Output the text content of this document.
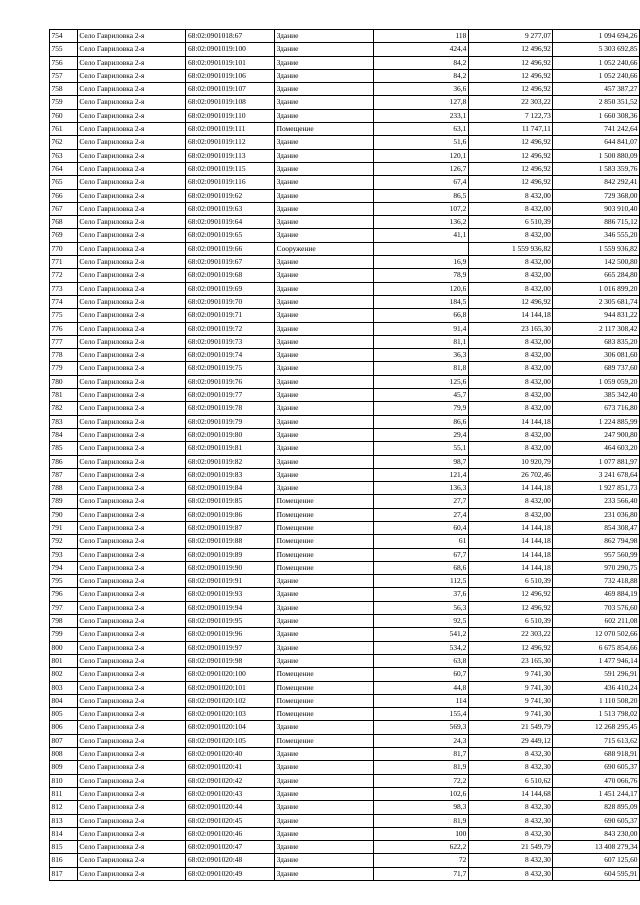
754	Село Гавриловка 2-я	68:02:0901018:67	Здание	118	9 277,07	1 094 694,26
755	Село Гавриловка 2-я	68:02:0901019:100	Здание	424,4	12 496,92	5 303 692,85
756	Село Гавриловка 2-я	68:02:0901019:101	Здание	84,2	12 496,92	1 052 240,66
757	Село Гавриловка 2-я	68:02:0901019:106	Здание	84,2	12 496,92	1 052 240,66
758	Село Гавриловка 2-я	68:02:0901019:107	Здание	36,6	12 496,92	457 387,27
759	Село Гавриловка 2-я	68:02:0901019:108	Здание	127,8	22 303,22	2 850 351,52
760	Село Гавриловка 2-я	68:02:0901019:110	Здание	233,1	7 122,73	1 660 308,36
761	Село Гавриловка 2-я	68:02:0901019:111	Помещение	63,1	11 747,11	741 242,64
762	Село Гавриловка 2-я	68:02:0901019:112	Здание	51,6	12 496,92	644 841,07
763	Село Гавриловка 2-я	68:02:0901019:113	Здание	120,1	12 496,92	1 500 880,09
764	Село Гавриловка 2-я	68:02:0901019:115	Здание	126,7	12 496,92	1 583 359,76
765	Село Гавриловка 2-я	68:02:0901019:116	Здание	67,4	12 496,92	842 292,41
766	Село Гавриловка 2-я	68:02:0901019:62	Здание	86,5	8 432,00	729 368,00
767	Село Гавриловка 2-я	68:02:0901019:63	Здание	107,2	8 432,00	903 910,40
768	Село Гавриловка 2-я	68:02:0901019:64	Здание	136,2	6 510,39	886 715,12
769	Село Гавриловка 2-я	68:02:0901019:65	Здание	41,1	8 432,00	346 555,20
770	Село Гавриловка 2-я	68:02:0901019:66	Сооружение		1 559 936,82	1 559 936,82
771	Село Гавриловка 2-я	68:02:0901019:67	Здание	16,9	8 432,00	142 500,80
772	Село Гавриловка 2-я	68:02:0901019:68	Здание	78,9	8 432,00	665 284,80
773	Село Гавриловка 2-я	68:02:0901019:69	Здание	120,6	8 432,00	1 016 899,20
774	Село Гавриловка 2-я	68:02:0901019:70	Здание	184,5	12 496,92	2 305 681,74
775	Село Гавриловка 2-я	68:02:0901019:71	Здание	66,8	14 144,18	944 831,22
776	Село Гавриловка 2-я	68:02:0901019:72	Здание	91,4	23 165,30	2 117 308,42
777	Село Гавриловка 2-я	68:02:0901019:73	Здание	81,1	8 432,00	683 835,20
778	Село Гавриловка 2-я	68:02:0901019:74	Здание	36,3	8 432,00	306 081,60
779	Село Гавриловка 2-я	68:02:0901019:75	Здание	81,8	8 432,00	689 737,60
780	Село Гавриловка 2-я	68:02:0901019:76	Здание	125,6	8 432,00	1 059 059,20
781	Село Гавриловка 2-я	68:02:0901019:77	Здание	45,7	8 432,00	385 342,40
782	Село Гавриловка 2-я	68:02:0901019:78	Здание	79,9	8 432,00	673 716,80
783	Село Гавриловка 2-я	68:02:0901019:79	Здание	86,6	14 144,18	1 224 885,99
784	Село Гавриловка 2-я	68:02:0901019:80	Здание	29,4	8 432,00	247 900,80
785	Село Гавриловка 2-я	68:02:0901019:81	Здание	55,1	8 432,00	464 603,20
786	Село Гавриловка 2-я	68:02:0901019:82	Здание	98,7	10 920,79	1 077 881,97
787	Село Гавриловка 2-я	68:02:0901019:83	Здание	121,4	26 702,46	3 241 678,64
788	Село Гавриловка 2-я	68:02:0901019:84	Здание	136,3	14 144,18	1 927 851,73
789	Село Гавриловка 2-я	68:02:0901019:85	Помещение	27,7	8 432,00	233 566,40
790	Село Гавриловка 2-я	68:02:0901019:86	Помещение	27,4	8 432,00	231 036,80
791	Село Гавриловка 2-я	68:02:0901019:87	Помещение	60,4	14 144,18	854 308,47
792	Село Гавриловка 2-я	68:02:0901019:88	Помещение	61	14 144,18	862 794,98
793	Село Гавриловка 2-я	68:02:0901019:89	Помещение	67,7	14 144,18	957 560,99
794	Село Гавриловка 2-я	68:02:0901019:90	Помещение	68,6	14 144,18	970 290,75
795	Село Гавриловка 2-я	68:02:0901019:91	Здание	112,5	6 510,39	732 418,88
796	Село Гавриловка 2-я	68:02:0901019:93	Здание	37,6	12 496,92	469 884,19
797	Село Гавриловка 2-я	68:02:0901019:94	Здание	56,3	12 496,92	703 576,60
798	Село Гавриловка 2-я	68:02:0901019:95	Здание	92,5	6 510,39	602 211,08
799	Село Гавриловка 2-я	68:02:0901019:96	Здание	541,2	22 303,22	12 070 502,66
800	Село Гавриловка 2-я	68:02:0901019:97	Здание	534,2	12 496,92	6 675 854,66
801	Село Гавриловка 2-я	68:02:0901019:98	Здание	63,8	23 165,30	1 477 946,14
802	Село Гавриловка 2-я	68:02:0901020:100	Помещение	60,7	9 741,30	591 296,91
803	Село Гавриловка 2-я	68:02:0901020:101	Помещение	44,8	9 741,30	436 410,24
804	Село Гавриловка 2-я	68:02:0901020:102	Помещение	114	9 741,30	1 110 508,20
805	Село Гавриловка 2-я	68:02:0901020:103	Помещение	155,4	9 741,30	1 513 798,02
806	Село Гавриловка 2-я	68:02:0901020:104	Здание	569,3	21 549,79	12 268 295,45
807	Село Гавриловка 2-я	68:02:0901020:105	Помещение	24,3	29 449,12	715 613,62
808	Село Гавриловка 2-я	68:02:0901020:40	Здание	81,7	8 432,30	688 918,91
809	Село Гавриловка 2-я	68:02:0901020:41	Здание	81,9	8 432,30	690 605,37
810	Село Гавриловка 2-я	68:02:0901020:42	Здание	72,2	6 510,62	470 066,76
811	Село Гавриловка 2-я	68:02:0901020:43	Здание	102,6	14 144,68	1 451 244,17
812	Село Гавриловка 2-я	68:02:0901020:44	Здание	98,3	8 432,30	828 895,09
813	Село Гавриловка 2-я	68:02:0901020:45	Здание	81,9	8 432,30	690 605,37
814	Село Гавриловка 2-я	68:02:0901020:46	Здание	100	8 432,30	843 230,00
815	Село Гавриловка 2-я	68:02:0901020:47	Здание	622,2	21 549,79	13 408 279,34
816	Село Гавриловка 2-я	68:02:0901020:48	Здание	72	8 432,30	607 125,60
817	Село Гавриловка 2-я	68:02:0901020:49	Здание	71,7	8 432,30	604 595,91
